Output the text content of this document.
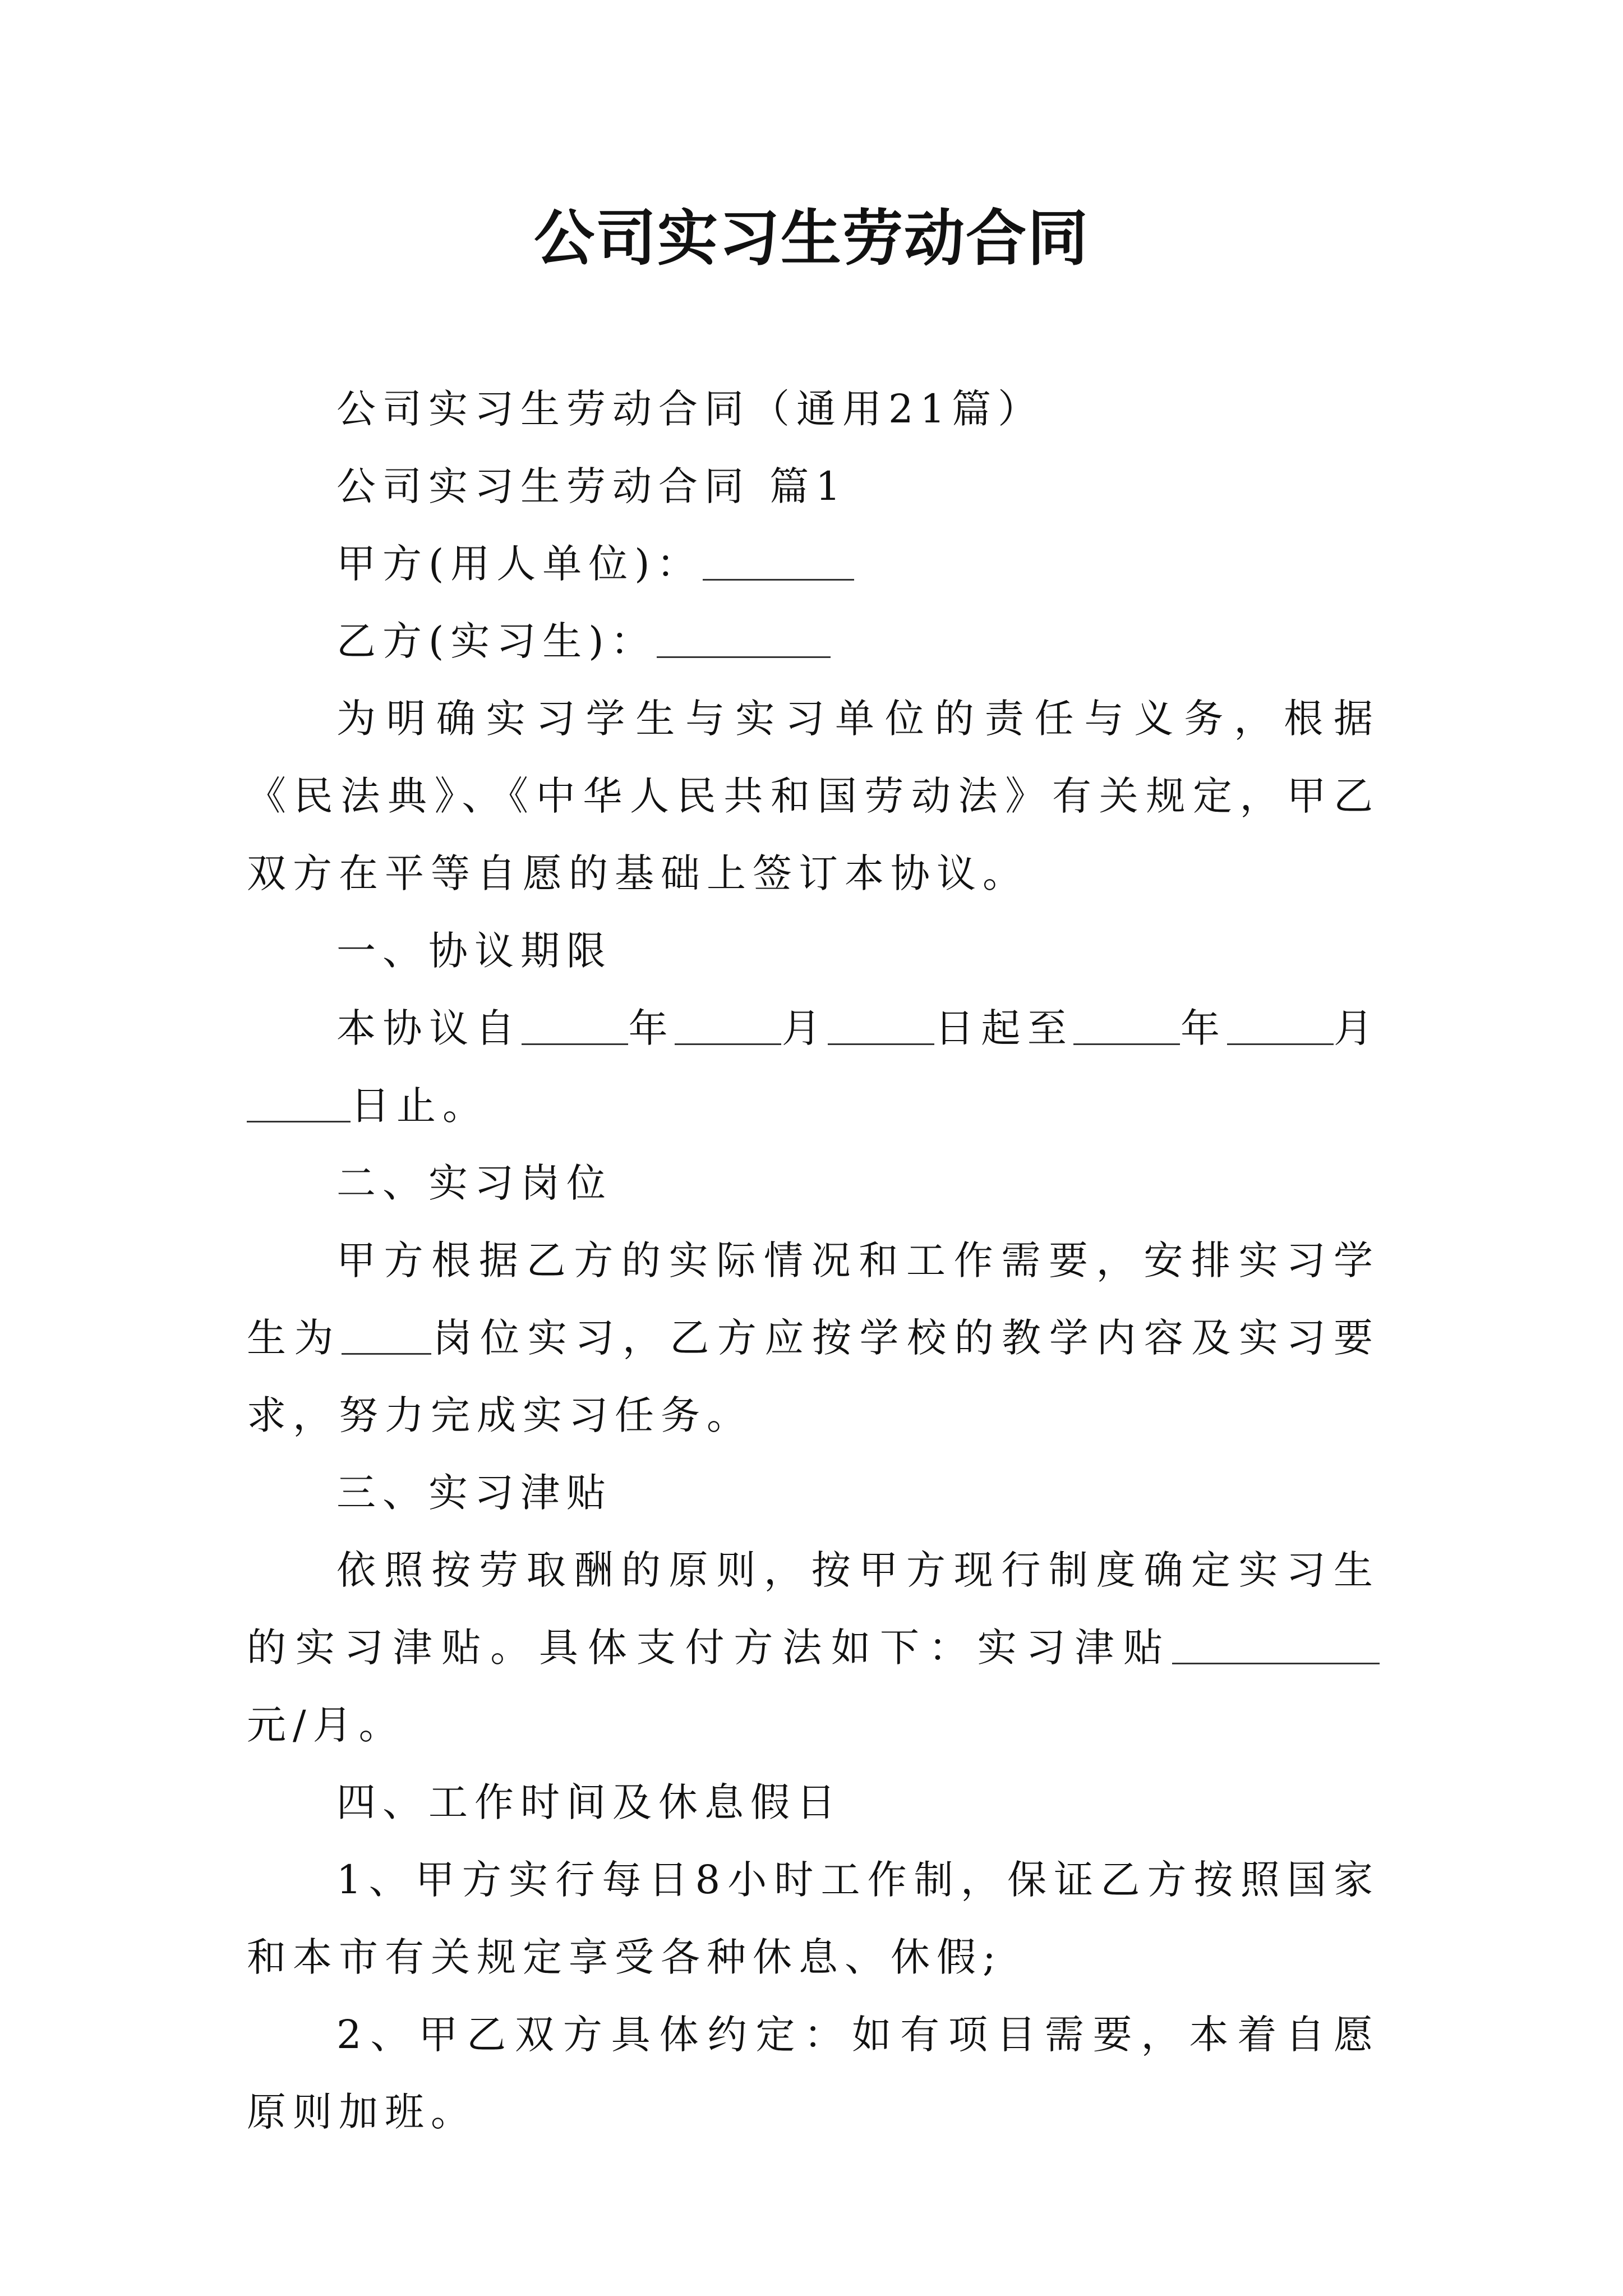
公司实习生劳动合同

公司实习生劳动合同（通用21篇）

公司实习生劳动合同 篇1

甲方(用人单位)：

乙方(实习生)：

为明确实习学生与实习单位的责任与义务，根据《民法典》、《中华人民共和国劳动法》有关规定，甲乙双方在平等自愿的基础上签订本协议。

一、协议期限

本协议自	年	月	日起至	年	月日止。

二、实习岗位

甲方根据乙方的实际情况和工作需要，安排实习学生为 岗位实习，乙方应按学校的教学内容及实习要求，努力完成实习任务。

三、实习津贴

依照按劳取酬的原则，按甲方现行制度确定实习生的实习津贴。具体支付方法如下：实习津贴元/月。

四、工作时间及休息假日

1、甲方实行每日8小时工作制，保证乙方按照国家和本市有关规定享受各种休息、休假;

2、甲乙双方具体约定：如有项目需要，本着自愿原则加班。
